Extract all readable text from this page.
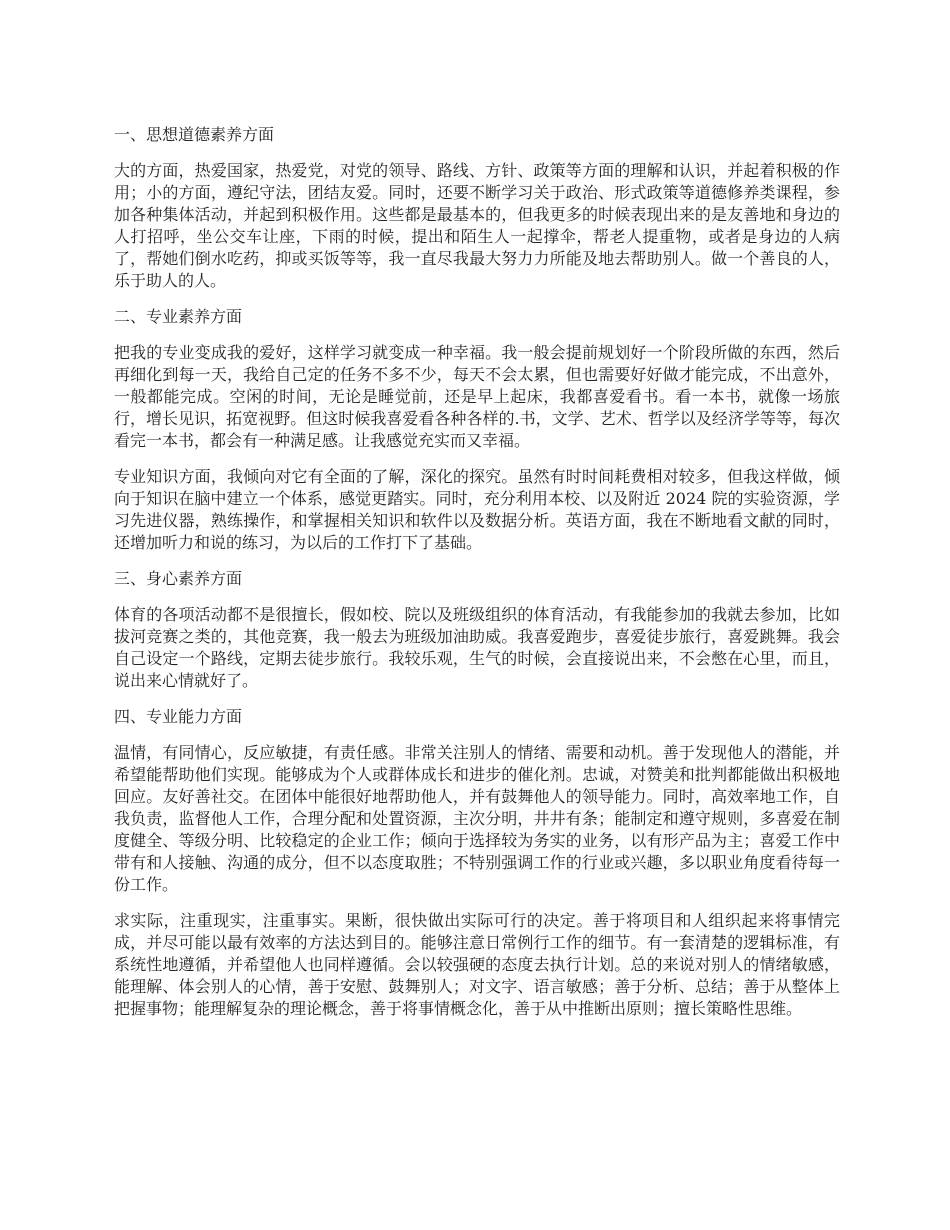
一、思想道德素养方面
大的方面，热爱国家，热爱党，对党的领导、路线、方针、政策等方面的理解和认识，并起着积极的作用；小的方面，遵纪守法，团结友爱。同时，还要不断学习关于政治、形式政策等道德修养类课程，参加各种集体活动，并起到积极作用。这些都是最基本的，但我更多的时候表现出来的是友善地和身边的人打招呼，坐公交车让座，下雨的时候，提出和陌生人一起撑伞，帮老人提重物，或者是身边的人病了，帮她们倒水吃药，抑或买饭等等，我一直尽我最大努力力所能及地去帮助别人。做一个善良的人，乐于助人的人。
二、专业素养方面
把我的专业变成我的爱好，这样学习就变成一种幸福。我一般会提前规划好一个阶段所做的东西，然后再细化到每一天，我给自己定的任务不多不少，每天不会太累，但也需要好好做才能完成，不出意外，一般都能完成。空闲的时间，无论是睡觉前，还是早上起床，我都喜爱看书。看一本书，就像一场旅行，增长见识，拓宽视野。但这时候我喜爱看各种各样的.书，文学、艺术、哲学以及经济学等等，每次看完一本书，都会有一种满足感。让我感觉充实而又幸福。
专业知识方面，我倾向对它有全面的了解，深化的探究。虽然有时时间耗费相对较多，但我这样做，倾向于知识在脑中建立一个体系，感觉更踏实。同时，充分利用本校、以及附近 2024 院的实验资源，学习先进仪器，熟练操作，和掌握相关知识和软件以及数据分析。英语方面，我在不断地看文献的同时，还增加听力和说的练习，为以后的工作打下了基础。
三、身心素养方面
体育的各项活动都不是很擅长，假如校、院以及班级组织的体育活动，有我能参加的我就去参加，比如拔河竞赛之类的，其他竞赛，我一般去为班级加油助威。我喜爱跑步，喜爱徒步旅行，喜爱跳舞。我会自己设定一个路线，定期去徒步旅行。我较乐观，生气的时候，会直接说出来，不会憋在心里，而且，说出来心情就好了。
四、专业能力方面
温情，有同情心，反应敏捷，有责任感。非常关注别人的情绪、需要和动机。善于发现他人的潜能，并希望能帮助他们实现。能够成为个人或群体成长和进步的催化剂。忠诚，对赞美和批判都能做出积极地回应。友好善社交。在团体中能很好地帮助他人，并有鼓舞他人的领导能力。同时，高效率地工作，自我负责，监督他人工作，合理分配和处置资源，主次分明，井井有条；能制定和遵守规则，多喜爱在制度健全、等级分明、比较稳定的企业工作；倾向于选择较为务实的业务，以有形产品为主；喜爱工作中带有和人接触、沟通的成分，但不以态度取胜；不特别强调工作的行业或兴趣，多以职业角度看待每一份工作。
求实际，注重现实，注重事实。果断，很快做出实际可行的决定。善于将项目和人组织起来将事情完成，并尽可能以最有效率的方法达到目的。能够注意日常例行工作的细节。有一套清楚的逻辑标准，有系统性地遵循，并希望他人也同样遵循。会以较强硬的态度去执行计划。总的来说对别人的情绪敏感，能理解、体会别人的心情，善于安慰、鼓舞别人；对文字、语言敏感；善于分析、总结；善于从整体上把握事物；能理解复杂的理论概念，善于将事情概念化，善于从中推断出原则；擅长策略性思维。
